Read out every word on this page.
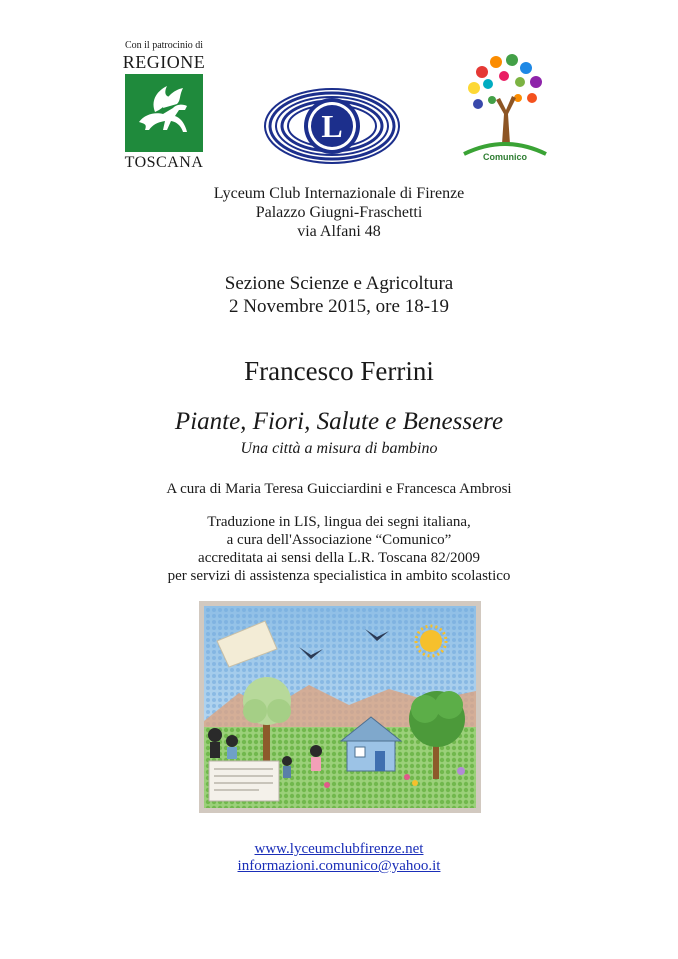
Con il patrocinio di
REGIONE
TOSCANA
L
Comunico
Lyceum Club Internazionale di Firenze
Palazzo Giugni-Fraschetti
via Alfani 48
Sezione Scienze e Agricoltura
2 Novembre 2015, ore 18-19
Francesco Ferrini
Piante, Fiori, Salute e Benessere
Una città a misura di bambino
A cura di Maria Teresa Guicciardini e Francesca Ambrosi
Traduzione in LIS, lingua dei segni italiana,
a cura dell'Associazione “Comunico”
accreditata ai sensi della L.R. Toscana 82/2009
per servizi di assistenza specialistica in ambito scolastico
www.lyceumclubfirenze.net
informazioni.comunico@yahoo.it
